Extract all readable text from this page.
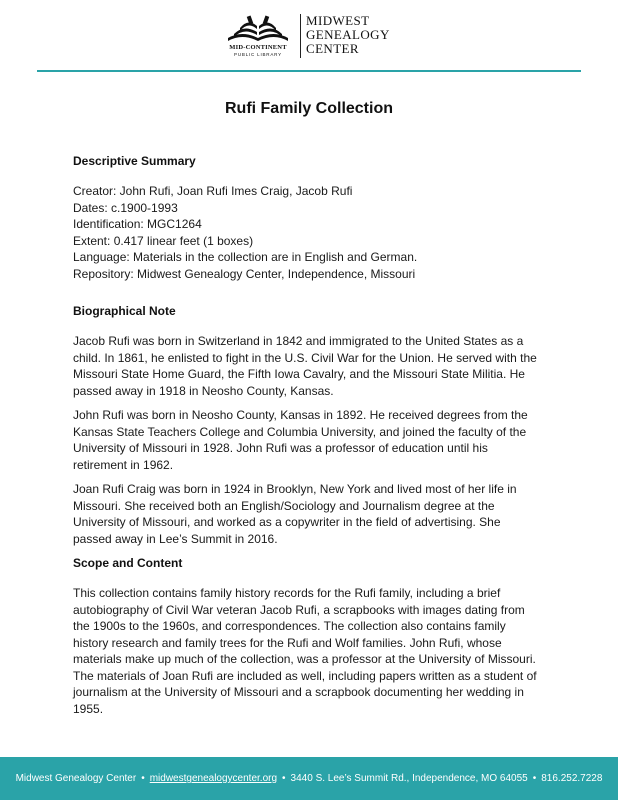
MID-CONTINENT
PUBLIC LIBRARY
MIDWEST
GENEALOGY
CENTER
Rufi Family Collection
Descriptive Summary
Creator: John Rufi, Joan Rufi Imes Craig, Jacob Rufi
Dates: c.1900-1993
Identification: MGC1264
Extent: 0.417 linear feet (1 boxes)
Language: Materials in the collection are in English and German.
Repository: Midwest Genealogy Center, Independence, Missouri
Biographical Note
Jacob Rufi was born in Switzerland in 1842 and immigrated to the United States as a
child. In 1861, he enlisted to fight in the U.S. Civil War for the Union. He served with the
Missouri State Home Guard, the Fifth Iowa Cavalry, and the Missouri State Militia. He
passed away in 1918 in Neosho County, Kansas.
John Rufi was born in Neosho County, Kansas in 1892. He received degrees from the
Kansas State Teachers College and Columbia University, and joined the faculty of the
University of Missouri in 1928. John Rufi was a professor of education until his
retirement in 1962.
Joan Rufi Craig was born in 1924 in Brooklyn, New York and lived most of her life in
Missouri. She received both an English/Sociology and Journalism degree at the
University of Missouri, and worked as a copywriter in the field of advertising. She
passed away in Lee’s Summit in 2016.
Scope and Content
This collection contains family history records for the Rufi family, including a brief
autobiography of Civil War veteran Jacob Rufi, a scrapbooks with images dating from
the 1900s to the 1960s, and correspondences. The collection also contains family
history research and family trees for the Rufi and Wolf families. John Rufi, whose
materials make up much of the collection, was a professor at the University of Missouri.
The materials of Joan Rufi are included as well, including papers written as a student of
journalism at the University of Missouri and a scrapbook documenting her wedding in
1955.
Midwest Genealogy Center • midwestgenealogycenter.org • 3440 S. Lee’s Summit Rd., Independence, MO 64055 • 816.252.7228
